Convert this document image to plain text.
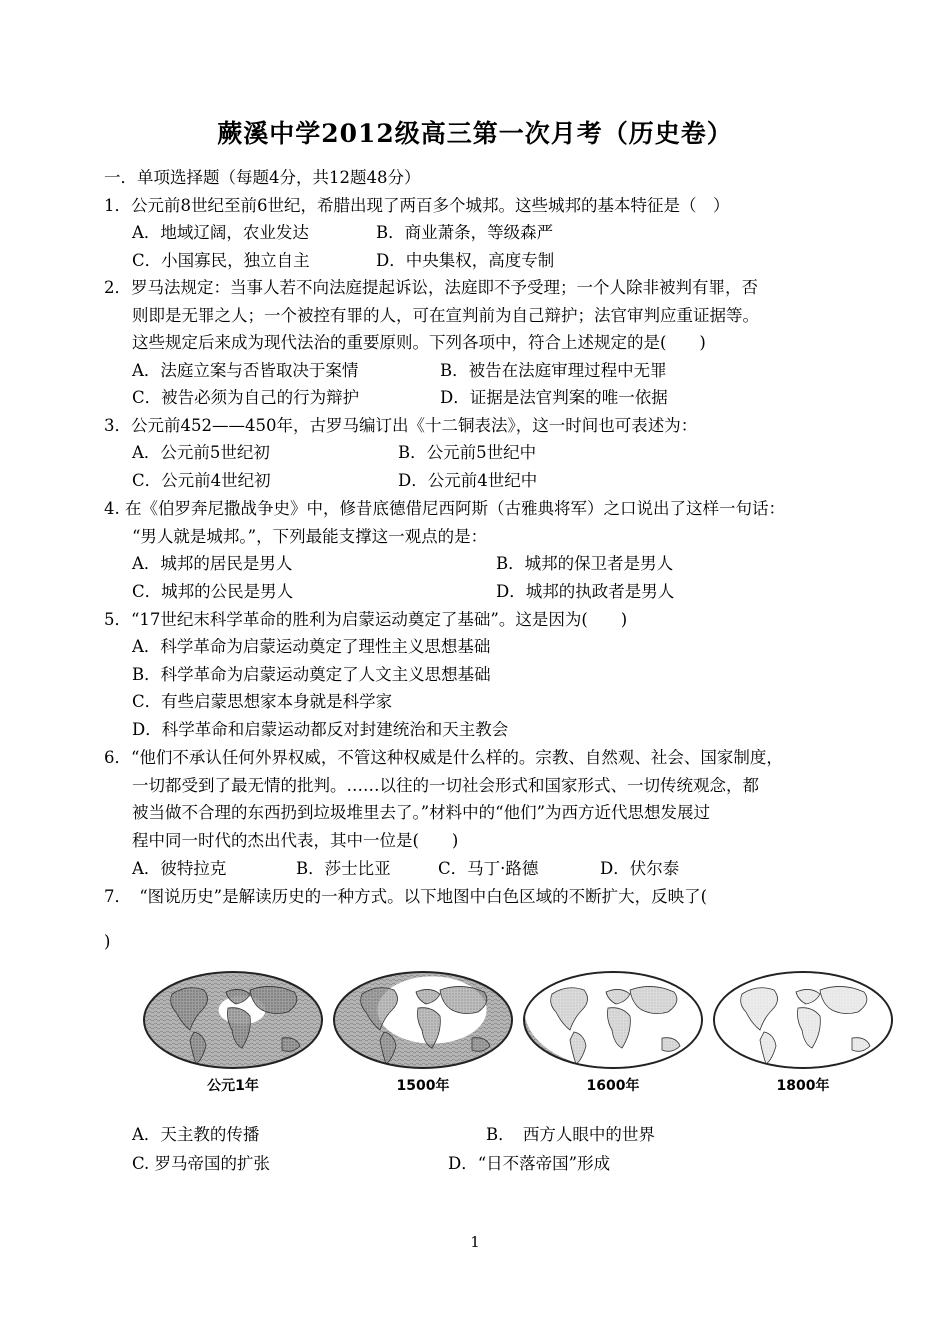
蕨溪中学2012级高三第一次月考（历史卷）
一．单项选择题（每题4分，共12题48分）
1．公元前8世纪至前6世纪，希腊出现了两百多个城邦。这些城邦的基本特征是（　）
A．地域辽阔，农业发达	B．商业萧条，等级森严
C．小国寡民，独立自主	D．中央集权，高度专制
2．罗马法规定：当事人若不向法庭提起诉讼，法庭即不予受理；一个人除非被判有罪，否
则即是无罪之人；一个被控有罪的人，可在宣判前为自己辩护；法官审判应重证据等。
这些规定后来成为现代法治的重要原则。下列各项中，符合上述规定的是(　　)
A．法庭立案与否皆取决于案情	B．被告在法庭审理过程中无罪
C．被告必须为自己的行为辩护	D．证据是法官判案的唯一依据
3．公元前452——450年，古罗马编订出《十二铜表法》，这一时间也可表述为：
A．公元前5世纪初	B．公元前5世纪中
C．公元前4世纪初	D．公元前4世纪中
4. 在《伯罗奔尼撒战争史》中，修昔底德借尼西阿斯（古雅典将军）之口说出了这样一句话：
“男人就是城邦。”，下列最能支撑这一观点的是：
A．城邦的居民是男人	B．城邦的保卫者是男人
C．城邦的公民是男人	D．城邦的执政者是男人
5．“17世纪末科学革命的胜利为启蒙运动奠定了基础”。这是因为(　　)
A．科学革命为启蒙运动奠定了理性主义思想基础
B．科学革命为启蒙运动奠定了人文主义思想基础
C．有些启蒙思想家本身就是科学家
D．科学革命和启蒙运动都反对封建统治和天主教会
6．“他们不承认任何外界权威，不管这种权威是什么样的。宗教、自然观、社会、国家制度，
一切都受到了最无情的批判。……以往的一切社会形式和国家形式、一切传统观念，都
被当做不合理的东西扔到垃圾堆里去了。”材料中的“他们”为西方近代思想发展过
程中同一时代的杰出代表，其中一位是(　　)
A．彼特拉克	B．莎士比亚	C．马丁·路德	D．伏尔泰
7．　“图说历史”是解读历史的一种方式。以下地图中白色区域的不断扩大，反映了(
)
公元1年	1500年	1600年	1800年
A．天主教的传播	B．　西方人眼中的世界
C. 罗马帝国的扩张	D．“日不落帝国”形成
1
